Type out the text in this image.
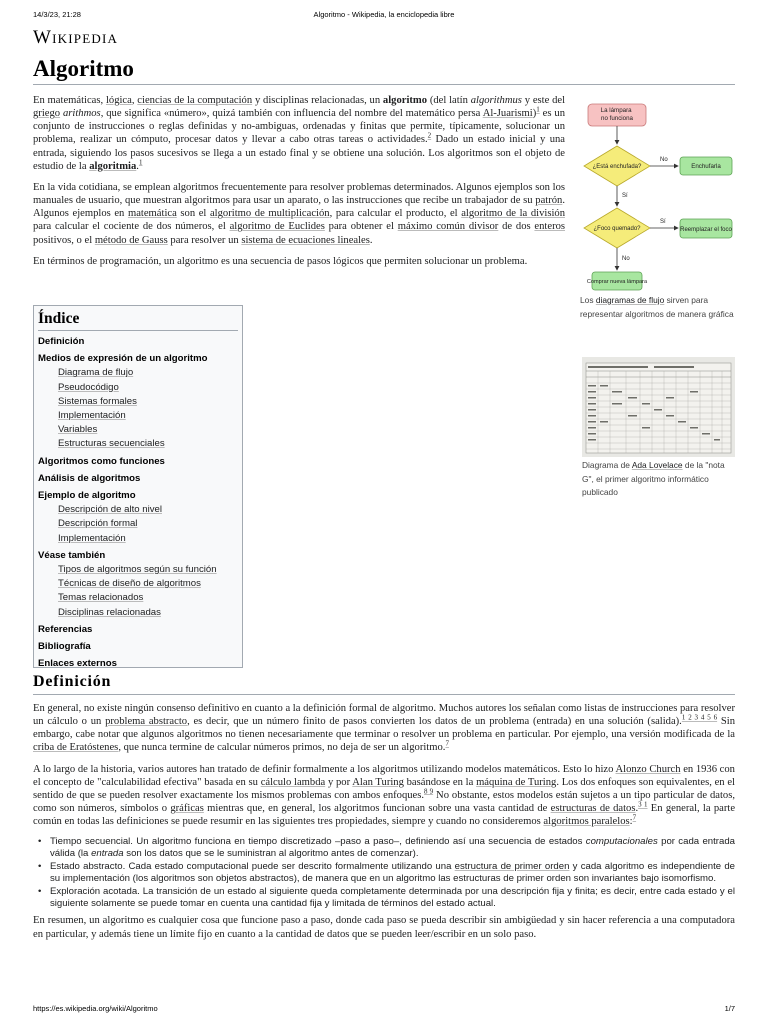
14/3/23, 21:28	Algoritmo - Wikipedia, la enciclopedia libre
Wikipedia
Algoritmo

En matemáticas, lógica, ciencias de la computación y disciplinas relacionadas, un algoritmo (del latín algorithmus y este del griego arithmos, que significa «número», quizá también con influencia del nombre del matemático persa Al-Juarismi)$^1$ es un conjunto de instrucciones o reglas definidas y no-ambiguas, ordenadas y finitas que permite, típicamente, solucionar un problema, realizar un cómputo, procesar datos y llevar a cabo otras tareas o actividades.$^2$ Dado un estado inicial y una entrada, siguiendo los pasos sucesivos se llega a un estado final y se obtiene una solución. Los algoritmos son el objeto de estudio de la algoritmia.$^1$

En la vida cotidiana, se emplean algoritmos frecuentemente para resolver problemas determinados. Algunos ejemplos son los manuales de usuario, que muestran algoritmos para usar un aparato, o las instrucciones que recibe un trabajador de su patrón. Algunos ejemplos en matemática son el algoritmo de multiplicación, para calcular el producto, el algoritmo de la división para calcular el cociente de dos números, el algoritmo de Euclides para obtener el máximo común divisor de dos enteros positivos, o el método de Gauss para resolver un sistema de ecuaciones lineales.

En términos de programación, un algoritmo es una secuencia de pasos lógicos que permiten solucionar un problema.

La lámpara no funciona
¿Está enchufada?
No
Enchufarla
Sí
¿Foco quemado?
Sí
Reemplazar el foco
No
Comprar nueva lámpara
Los diagramas de flujo sirven para representar algoritmos de manera gráfica
Diagrama de Ada Lovelace de la "nota G", el primer algoritmo informático publicado
Índice
Definición
Medios de expresión de un algoritmo
Diagrama de flujo
Pseudocódigo
Sistemas formales
Implementación
Variables
Estructuras secuenciales
Algoritmos como funciones
Análisis de algoritmos
Ejemplo de algoritmo
Descripción de alto nivel
Descripción formal
Implementación
Véase también
Tipos de algoritmos según su función
Técnicas de diseño de algoritmos
Temas relacionados
Disciplinas relacionadas
Referencias
Bibliografía
Enlaces externos
Definición

En general, no existe ningún consenso definitivo en cuanto a la definición formal de algoritmo. Muchos autores los señalan como listas de instrucciones para resolver un cálculo o un problema abstracto, es decir, que un número finito de pasos convierten los datos de un problema (entrada) en una solución (salida).$^{1 2 3 4 5 6}$ Sin embargo, cabe notar que algunos algoritmos no tienen necesariamente que terminar o resolver un problema en particular. Por ejemplo, una versión modificada de la criba de Eratóstenes, que nunca termine de calcular números primos, no deja de ser un algoritmo.$^7$

A lo largo de la historia, varios autores han tratado de definir formalmente a los algoritmos utilizando modelos matemáticos. Esto lo hizo Alonzo Church en 1936 con el concepto de "calculabilidad efectiva" basada en su cálculo lambda y por Alan Turing basándose en la máquina de Turing. Los dos enfoques son equivalentes, en el sentido de que se pueden resolver exactamente los mismos problemas con ambos enfoques.$^{8 9}$ No obstante, estos modelos están sujetos a un tipo particular de datos, como son números, símbolos o gráficas mientras que, en general, los algoritmos funcionan sobre una vasta cantidad de estructuras de datos.$^{3 1}$ En general, la parte común en todas las definiciones se puede resumir en las siguientes tres propiedades, siempre y cuando no consideremos algoritmos paralelos:$^7$

• Tiempo secuencial. Un algoritmo funciona en tiempo discretizado –paso a paso–, definiendo así una secuencia de estados computacionales por cada entrada válida (la entrada son los datos que se le suministran al algoritmo antes de comenzar).
• Estado abstracto. Cada estado computacional puede ser descrito formalmente utilizando una estructura de primer orden y cada algoritmo es independiente de su implementación (los algoritmos son objetos abstractos), de manera que en un algoritmo las estructuras de primer orden son invariantes bajo isomorfismo.
• Exploración acotada. La transición de un estado al siguiente queda completamente determinada por una descripción fija y finita; es decir, entre cada estado y el siguiente solamente se puede tomar en cuenta una cantidad fija y limitada de términos del estado actual.

En resumen, un algoritmo es cualquier cosa que funcione paso a paso, donde cada paso se pueda describir sin ambigüedad y sin hacer referencia a una computadora en particular, y además tiene un límite fijo en cuanto a la cantidad de datos que se pueden leer/escribir en un solo paso.

https://es.wikipedia.org/wiki/Algoritmo	1/7
